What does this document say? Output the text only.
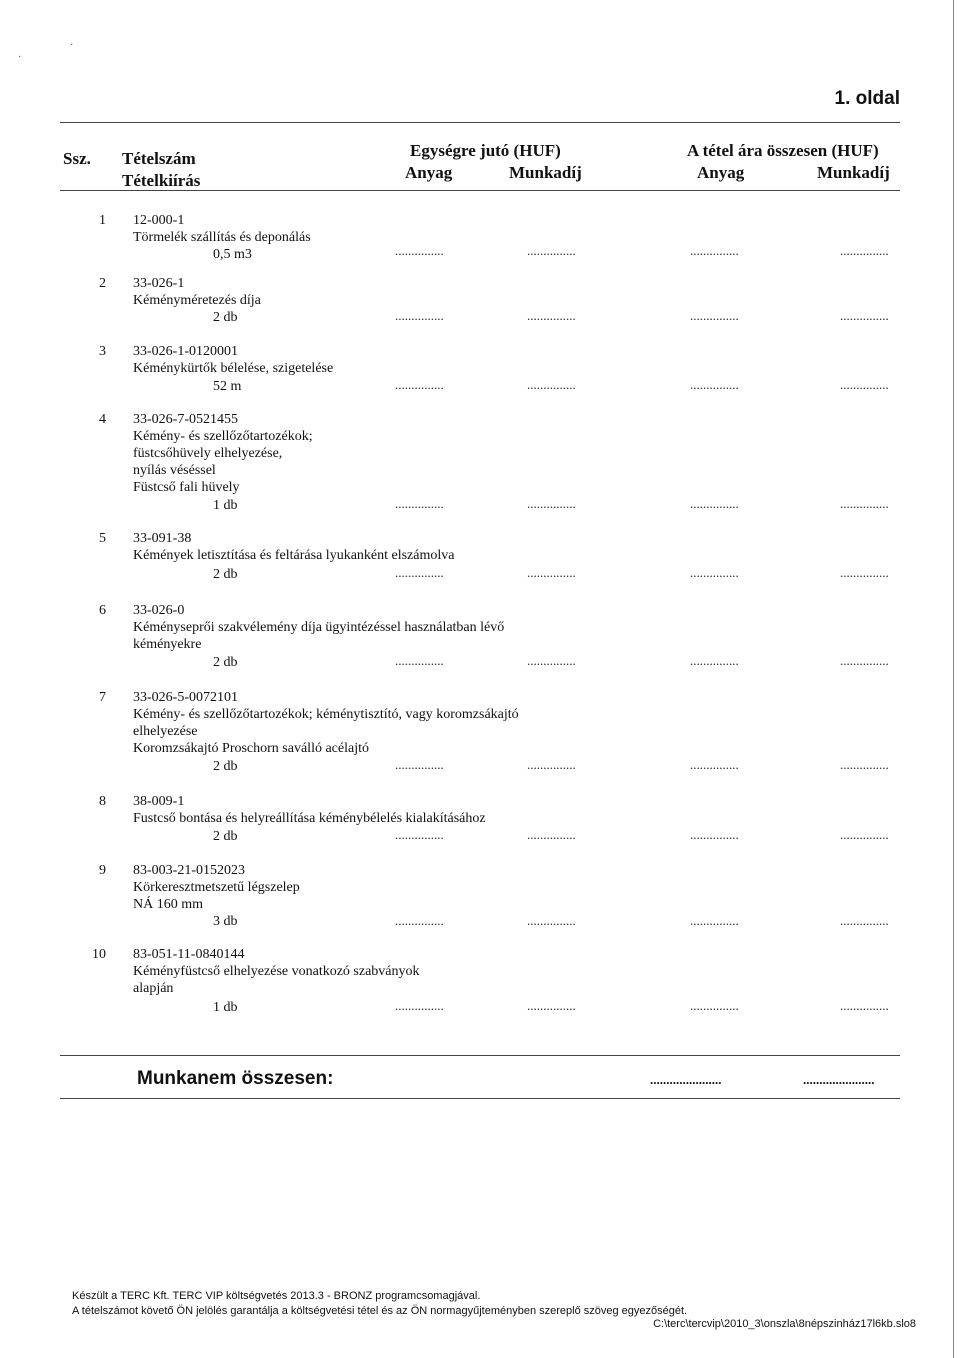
·
·
1. oldal
Ssz. Tételszám
Tételkiírás
Egységre jutó (HUF)
Anyag	Munkadíj
A tétel ára összesen (HUF)
Anyag	Munkadíj
1 12-000-1
Törmelék szállítás és deponálás
0,5 m3	...............	...............	...............	...............
2 33-026-1
Kéményméretezés díja
2 db	...............	...............	...............	...............
3 33-026-1-0120001
Kéménykürtők bélelése, szigetelése
52 m	...............	...............	...............	...............
4 33-026-7-0521455
Kémény- és szellőzőtartozékok;
füstcsőhüvely elhelyezése,
nyílás véséssel
Füstcső fali hüvely
1 db	...............	...............	...............	...............
5 33-091-38
Kémények letisztítása és feltárása lyukanként elszámolva
2 db	...............	...............	...............	...............
6 33-026-0
Kéményseprői szakvélemény díja ügyintézéssel használatban lévő
kéményekre
2 db	...............	...............	...............	...............
7 33-026-5-0072101
Kémény- és szellőzőtartozékok; kéménytisztító, vagy koromzsákajtó
elhelyezése
Koromzsákajtó Proschorn saválló acélajtó
2 db	...............	...............	...............	...............
8 38-009-1
Fustcső bontása és helyreállítása kéménybélelés kialakításához
2 db	...............	...............	...............	...............
9 83-003-21-0152023
Körkeresztmetszetű légszelep
NÁ 160 mm
3 db	...............	...............	...............	...............
10 83-051-11-0840144
Kéményfüstcső elhelyezése vonatkozó szabványok
alapján
1 db	...............	...............	...............	...............
Munkanem összesen:	......................	......................
Készült a TERC Kft. TERC VIP költségvetés 2013.3 - BRONZ programcsomagjával.
A tételszámot követő ÖN jelölés garantálja a költségvetési tétel és az ÖN normagyűjteményben szereplő szöveg egyezőségét.
C:\terc\tercvip\2010_3\onszla\8népszinház17l6kb.slo8
